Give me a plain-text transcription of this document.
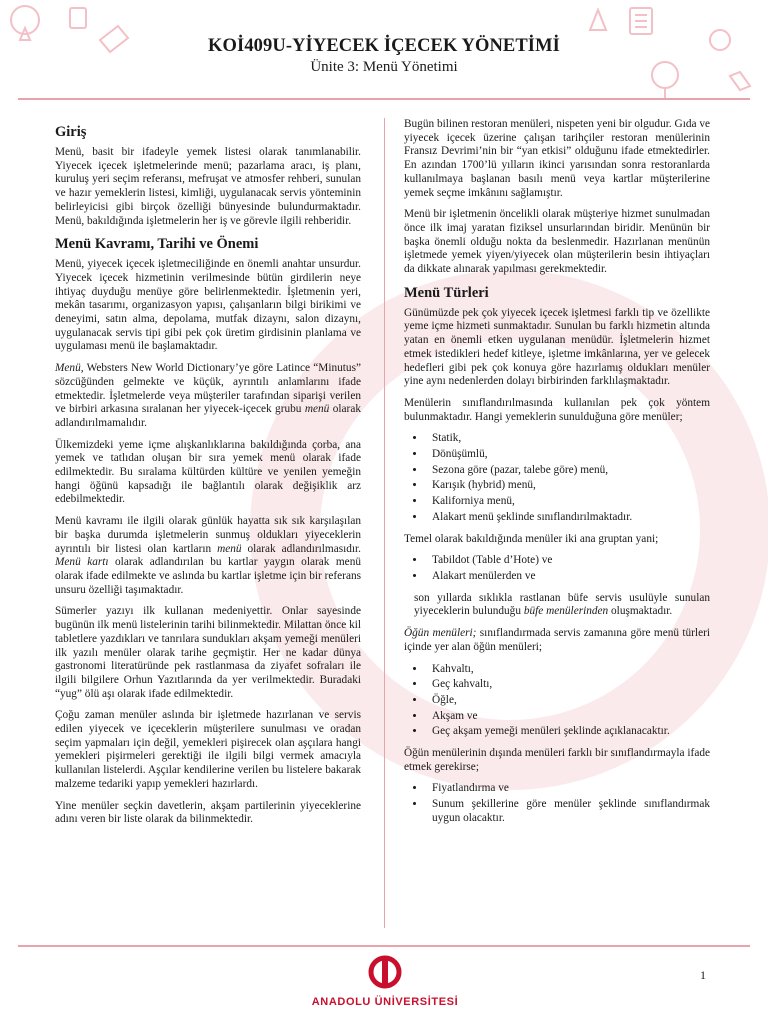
KOİ409U-YİYECEK İÇECEK YÖNETİMİ
Ünite 3: Menü Yönetimi
Giriş

Menü, basit bir ifadeyle yemek listesi olarak tanımlanabilir. Yiyecek içecek işletmelerinde menü; pazarlama aracı, iş planı, kuruluş yeri seçim referansı, mefruşat ve atmosfer rehberi, sunulan ve hazır yemeklerin listesi, kimliği, uygulanacak servis yönteminin belirleyicisi gibi birçok özelliği bünyesinde bulundurmaktadır. Menü, bakıldığında işletmelerin her iş ve görevle ilgili rehberidir.

Menü Kavramı, Tarihi ve Önemi

Menü, yiyecek içecek işletmeciliğinde en önemli anahtar unsurdur. Yiyecek içecek hizmetinin verilmesinde bütün girdilerin neye ihtiyaç duyduğu menüye göre belirlenmektedir. İşletmenin yeri, mekân tasarımı, organizasyon yapısı, çalışanların bilgi birikimi ve deneyimi, satın alma, depolama, mutfak dizaynı, salon dizaynı, uygulanacak servis tipi gibi pek çok üretim girdisinin planlama ve uygulaması menü ile başlamaktadır.

Menü, Websters New World Dictionary’ye göre Latince “Minutus” sözcüğünden gelmekte ve küçük, ayrıntılı anlamlarını ifade etmektedir. İşletmelerde veya müşteriler tarafından siparişi verilen ve birbiri arkasına sıralanan her yiyecek-içecek grubu menü olarak adlandırılmamalıdır.

Ülkemizdeki yeme içme alışkanlıklarına bakıldığında çorba, ana yemek ve tatlıdan oluşan bir sıra yemek menü olarak ifade edilmektedir. Bu sıralama kültürden kültüre ve yenilen yemeğin hangi öğünü kapsadığı ile bağlantılı olarak değişiklik arz edebilmektedir.

Menü kavramı ile ilgili olarak günlük hayatta sık sık karşılaşılan bir başka durumda işletmelerin sunmuş oldukları yiyeceklerin ayrıntılı bir listesi olan kartların menü olarak adlandırılmasıdır. Menü kartı olarak adlandırılan bu kartlar yaygın olarak menü olarak ifade edilmekte ve aslında bu kartlar işletme için bir referans unsuru özelliği taşımaktadır.

Sümerler yazıyı ilk kullanan medeniyettir. Onlar sayesinde bugünün ilk menü listelerinin tarihi bilinmektedir. Milattan önce kil tabletlere yazdıkları ve tanrılara sundukları akşam yemeği menüleri ilk yazılı menüler olarak tarihe geçmiştir. Her ne kadar dünya gastronomi literatüründe pek rastlanmasa da ziyafet sofraları ile ilgili bilgilere Orhun Yazıtlarında da yer verilmektedir. Buradaki “yug” ölü aşı olarak ifade edilmektedir.

Çoğu zaman menüler aslında bir işletmede hazırlanan ve servis edilen yiyecek ve içeceklerin müşterilere sunulması ve oradan seçim yapmaları için değil, yemekleri pişirecek olan aşçılara hangi yemekleri pişirmeleri gerektiği ile ilgili bilgi vermek amacıyla kullanılan listelerdi. Aşçılar kendilerine verilen bu listelere bakarak malzeme tedariki yapıp yemekleri hazırlardı.

Yine menüler seçkin davetlerin, akşam partilerinin yiyeceklerine adını veren bir liste olarak da bilinmektedir.

Bugün bilinen restoran menüleri, nispeten yeni bir olgudur. Gıda ve yiyecek içecek üzerine çalışan tarihçiler restoran menülerinin Fransız Devrimi’nin bir “yan etkisi” olduğunu ifade etmektedirler. En azından 1700’lü yılların ikinci yarısından sonra restoranlarda kullanılmaya başlanan basılı menü veya kartlar müşterilerine yemek seçme imkânını sağlamıştır.

Menü bir işletmenin öncelikli olarak müşteriye hizmet sunulmadan önce ilk imaj yaratan fiziksel unsurlarından biridir. Menünün bir başka önemli olduğu nokta da beslenmedir. Hazırlanan menünün işletmede yemek yiyen/yiyecek olan müşterilerin besin ihtiyaçları da dikkate alınarak yapılması gerekmektedir.

Menü Türleri

Günümüzde pek çok yiyecek içecek işletmesi farklı tip ve özellikte yeme içme hizmeti sunmaktadır. Sunulan bu farklı hizmetin altında yatan en önemli etken uygulanan menüdür. İşletmelerin hizmet etmek istedikleri hedef kitleye, işletme imkânlarına, yer ve gelecek hedefleri gibi pek çok konuya göre hazırlamış oldukları menüler yine aynı nedenlerden dolayı birbirinden farklılaşmaktadır.

Menülerin sınıflandırılmasında kullanılan pek çok yöntem bulunmaktadır. Hangi yemeklerin sunulduğuna göre menüler;

• Statik,
• Dönüşümlü,
• Sezona göre (pazar, talebe göre) menü,
• Karışık (hybrid) menü,
• Kaliforniya menü,
• Alakart menü şeklinde sınıflandırılmaktadır.

Temel olarak bakıldığında menüler iki ana gruptan yani;

• Tabildot (Table d’Hote) ve
• Alakart menülerden ve

son yıllarda sıklıkla rastlanan büfe servis usulüyle sunulan yiyeceklerin bulunduğu büfe menülerinden oluşmaktadır.

Öğün menüleri; sınıflandırmada servis zamanına göre menü türleri içinde yer alan öğün menüleri;

• Kahvaltı,
• Geç kahvaltı,
• Öğle,
• Akşam ve
• Geç akşam yemeği menüleri şeklinde açıklanacaktır.

Öğün menülerinin dışında menüleri farklı bir sınıflandırmayla ifade etmek gerekirse;

• Fiyatlandırma ve
• Sunum şekillerine göre menüler şeklinde sınıflandırmak uygun olacaktır.
ANADOLU ÜNİVERSİTESİ
1
